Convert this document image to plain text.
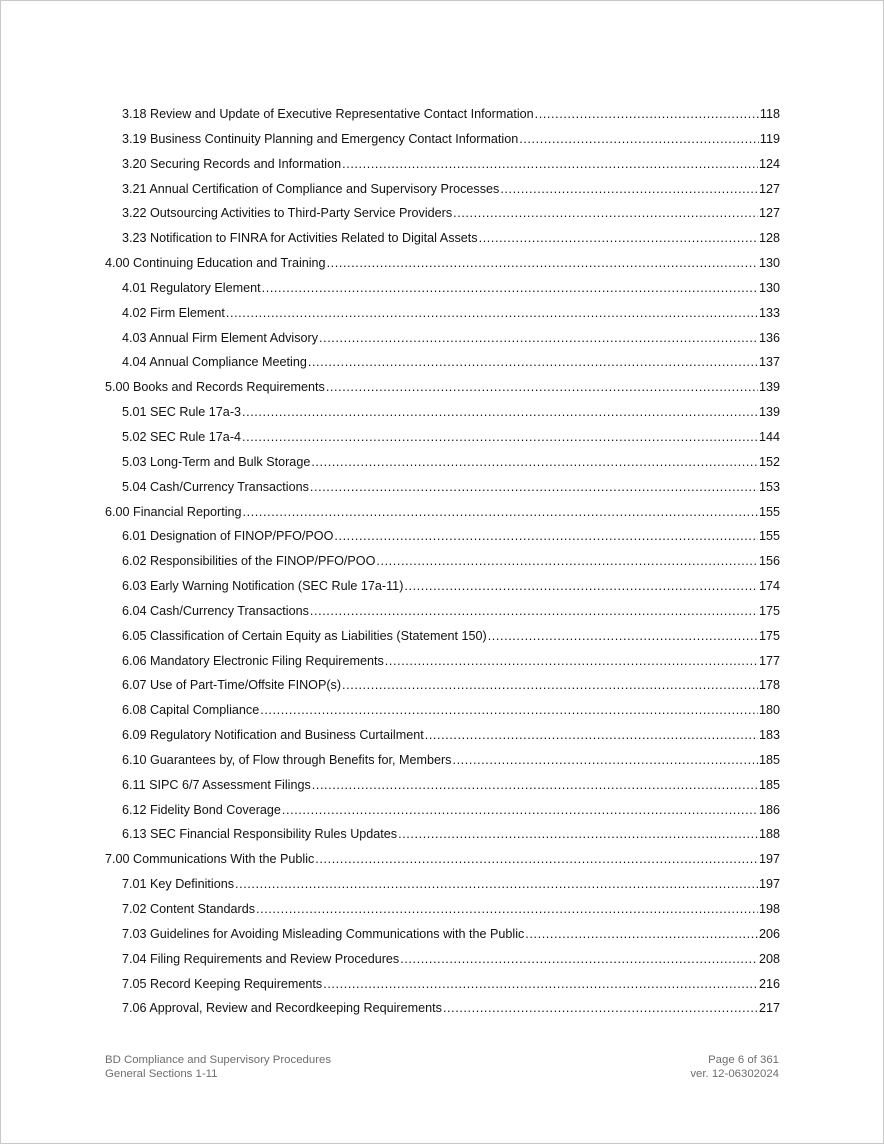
3.18 Review and Update of Executive Representative Contact Information .....	118
3.19 Business Continuity Planning and Emergency Contact Information .....	119
3.20 Securing Records and Information .....	124
3.21 Annual Certification of Compliance and Supervisory Processes .....	127
3.22 Outsourcing Activities to Third-Party Service Providers .....	127
3.23 Notification to FINRA for Activities Related to Digital Assets .....	128
4.00 Continuing Education and Training .....	130
4.01 Regulatory Element .....	130
4.02 Firm Element .....	133
4.03 Annual Firm Element Advisory .....	136
4.04 Annual Compliance Meeting .....	137
5.00 Books and Records Requirements .....	139
5.01 SEC Rule 17a-3 .....	139
5.02 SEC Rule 17a-4 .....	144
5.03 Long-Term and Bulk Storage .....	152
5.04 Cash/Currency Transactions .....	153
6.00 Financial Reporting .....	155
6.01 Designation of FINOP/PFO/POO .....	155
6.02 Responsibilities of the FINOP/PFO/POO .....	156
6.03 Early Warning Notification (SEC Rule 17a-11) .....	174
6.04 Cash/Currency Transactions .....	175
6.05 Classification of Certain Equity as Liabilities (Statement 150) .....	175
6.06 Mandatory Electronic Filing Requirements .....	177
6.07 Use of Part-Time/Offsite FINOP(s) .....	178
6.08 Capital Compliance .....	180
6.09 Regulatory Notification and Business Curtailment .....	183
6.10 Guarantees by, of Flow through Benefits for, Members .....	185
6.11 SIPC 6/7 Assessment Filings .....	185
6.12 Fidelity Bond Coverage .....	186
6.13 SEC Financial Responsibility Rules Updates .....	188
7.00 Communications With the Public .....	197
7.01 Key Definitions .....	197
7.02 Content Standards .....	198
7.03 Guidelines for Avoiding Misleading Communications with the Public .....	206
7.04 Filing Requirements and Review Procedures .....	208
7.05 Record Keeping Requirements .....	216
7.06 Approval, Review and Recordkeeping Requirements .....	217
BD Compliance and Supervisory Procedures
General Sections 1-11
Page 6 of 361
ver. 12-06302024
